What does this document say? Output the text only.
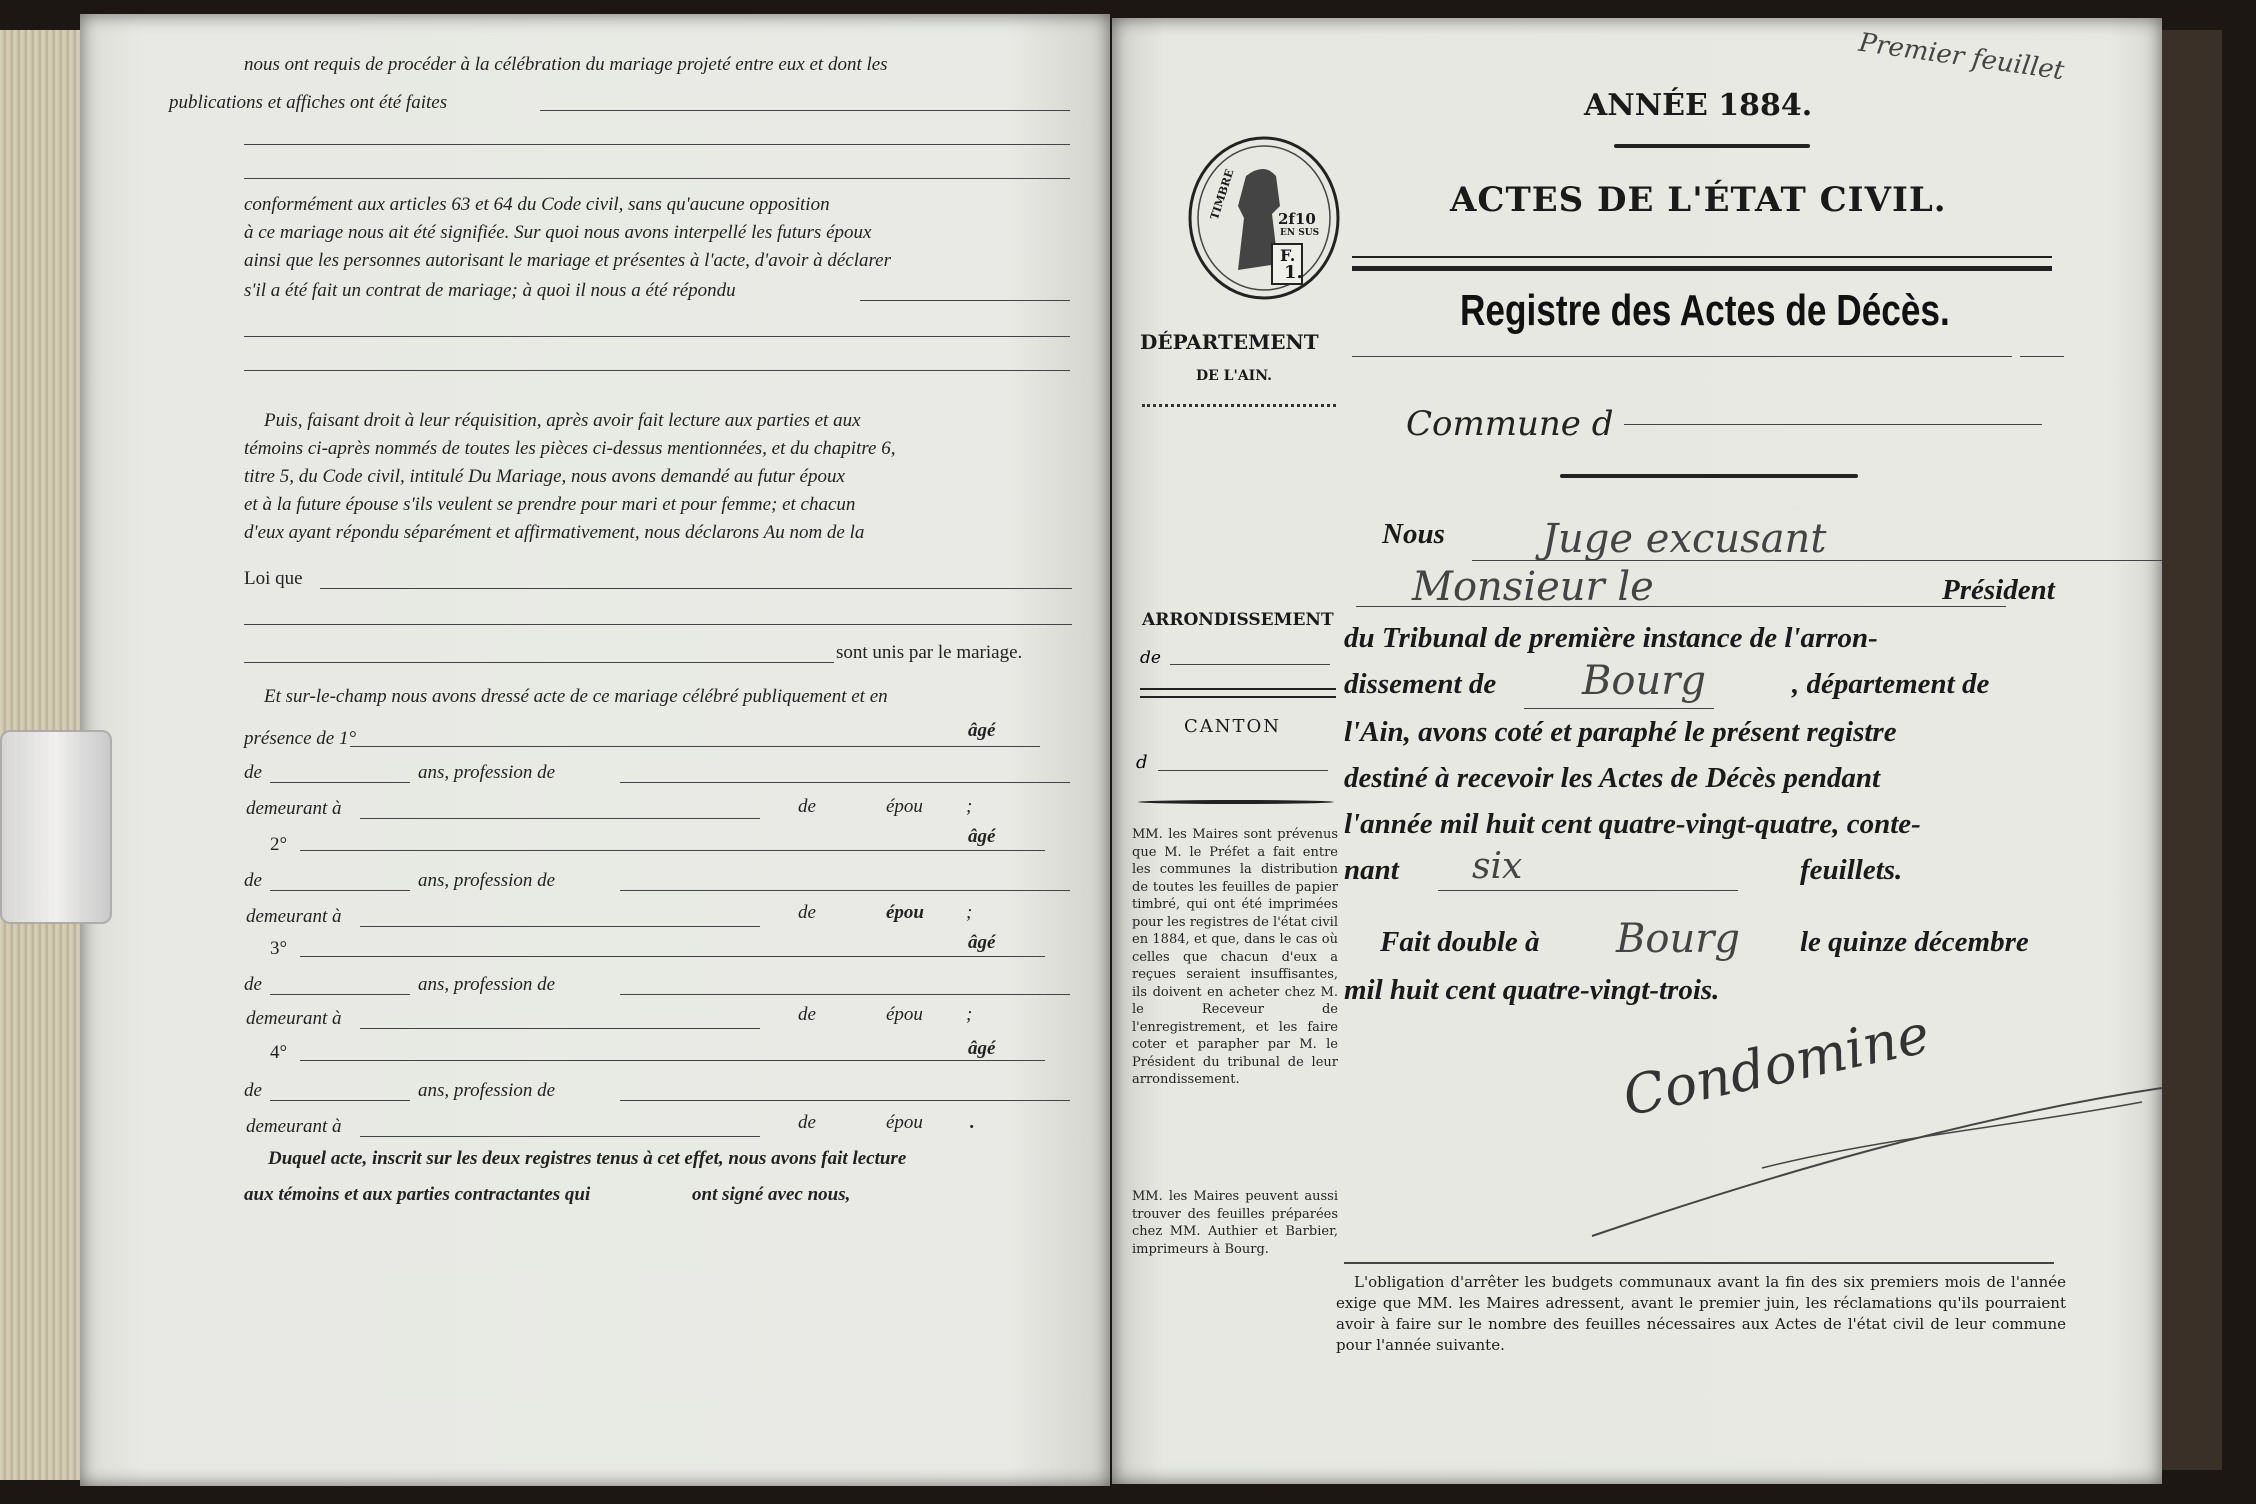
nous ont requis de procéder à la célébration du mariage projeté entre eux et dont les
publications et affiches ont été faites
conformément aux articles 63 et 64 du Code civil, sans qu'aucune opposition
à ce mariage nous ait été signifiée. Sur quoi nous avons interpellé les futurs époux
ainsi que les personnes autorisant le mariage et présentes à l'acte, d'avoir à déclarer
s'il a été fait un contrat de mariage; à quoi il nous a été répondu
Puis, faisant droit à leur réquisition, après avoir fait lecture aux parties et aux
témoins ci-après nommés de toutes les pièces ci-dessus mentionnées, et du chapitre 6,
titre 5, du Code civil, intitulé Du Mariage, nous avons demandé au futur époux
et à la future épouse s'ils veulent se prendre pour mari et pour femme; et chacun
d'eux ayant répondu séparément et affirmativement, nous déclarons Au nom de la
Loi que
sont unis par le mariage.
Et sur-le-champ nous avons dressé acte de ce mariage célébré publiquement et en
présence de 1°	âgé
de	ans, profession de
demeurant à	de	épou ;
2°	âgé
de	ans, profession de
demeurant à	de	épou ;
3°	âgé
de	ans, profession de
demeurant à	de	épou ;
4°	âgé
de	ans, profession de
demeurant à	de	épou .
Duquel acte, inscrit sur les deux registres tenus à cet effet, nous avons fait lecture
aux témoins et aux parties contractantes qui	ont signé avec nous,
Premier feuillet
ANNÉE 1884.
ACTES DE L'ÉTAT CIVIL.
Registre des Actes de Décès.
Commune d
TIMBRE	2f10
EN SUS
F.
1.
DÉPARTEMENT
DE L'AIN.
ARRONDISSEMENT
de
CANTON
d
MM. les Maires sont prévenus que M. le Préfet a fait entre les communes la distribution de toutes les feuilles de papier timbré, qui ont été imprimées pour les registres de l'état civil en 1884, et que, dans le cas où celles que chacun d'eux a reçues seraient insuffisantes, ils doivent en acheter chez M. le Receveur de l'enregistrement, et les faire coter et parapher par M. le Président du tribunal de leur arrondissement.
MM. les Maires peuvent aussi trouver des feuilles préparées chez MM. Authier et Barbier, imprimeurs à Bourg.
Nous Juge excusant
Monsieur le	Président
du Tribunal de première instance de l'arron-
dissement de Bourg	, département de
l'Ain, avons coté et paraphé le présent registre
destiné à recevoir les Actes de Décès pendant
l'année mil huit cent quatre-vingt-quatre, conte-
nant six	feuillets.
Fait double à Bourg le quinze décembre
mil huit cent quatre-vingt-trois.
Condomine
L'obligation d'arrêter les budgets communaux avant la fin des six premiers mois de l'année exige que MM. les Maires adressent, avant le premier juin, les réclamations qu'ils pourraient avoir à faire sur le nombre des feuilles nécessaires aux Actes de l'état civil de leur commune pour l'année suivante.
